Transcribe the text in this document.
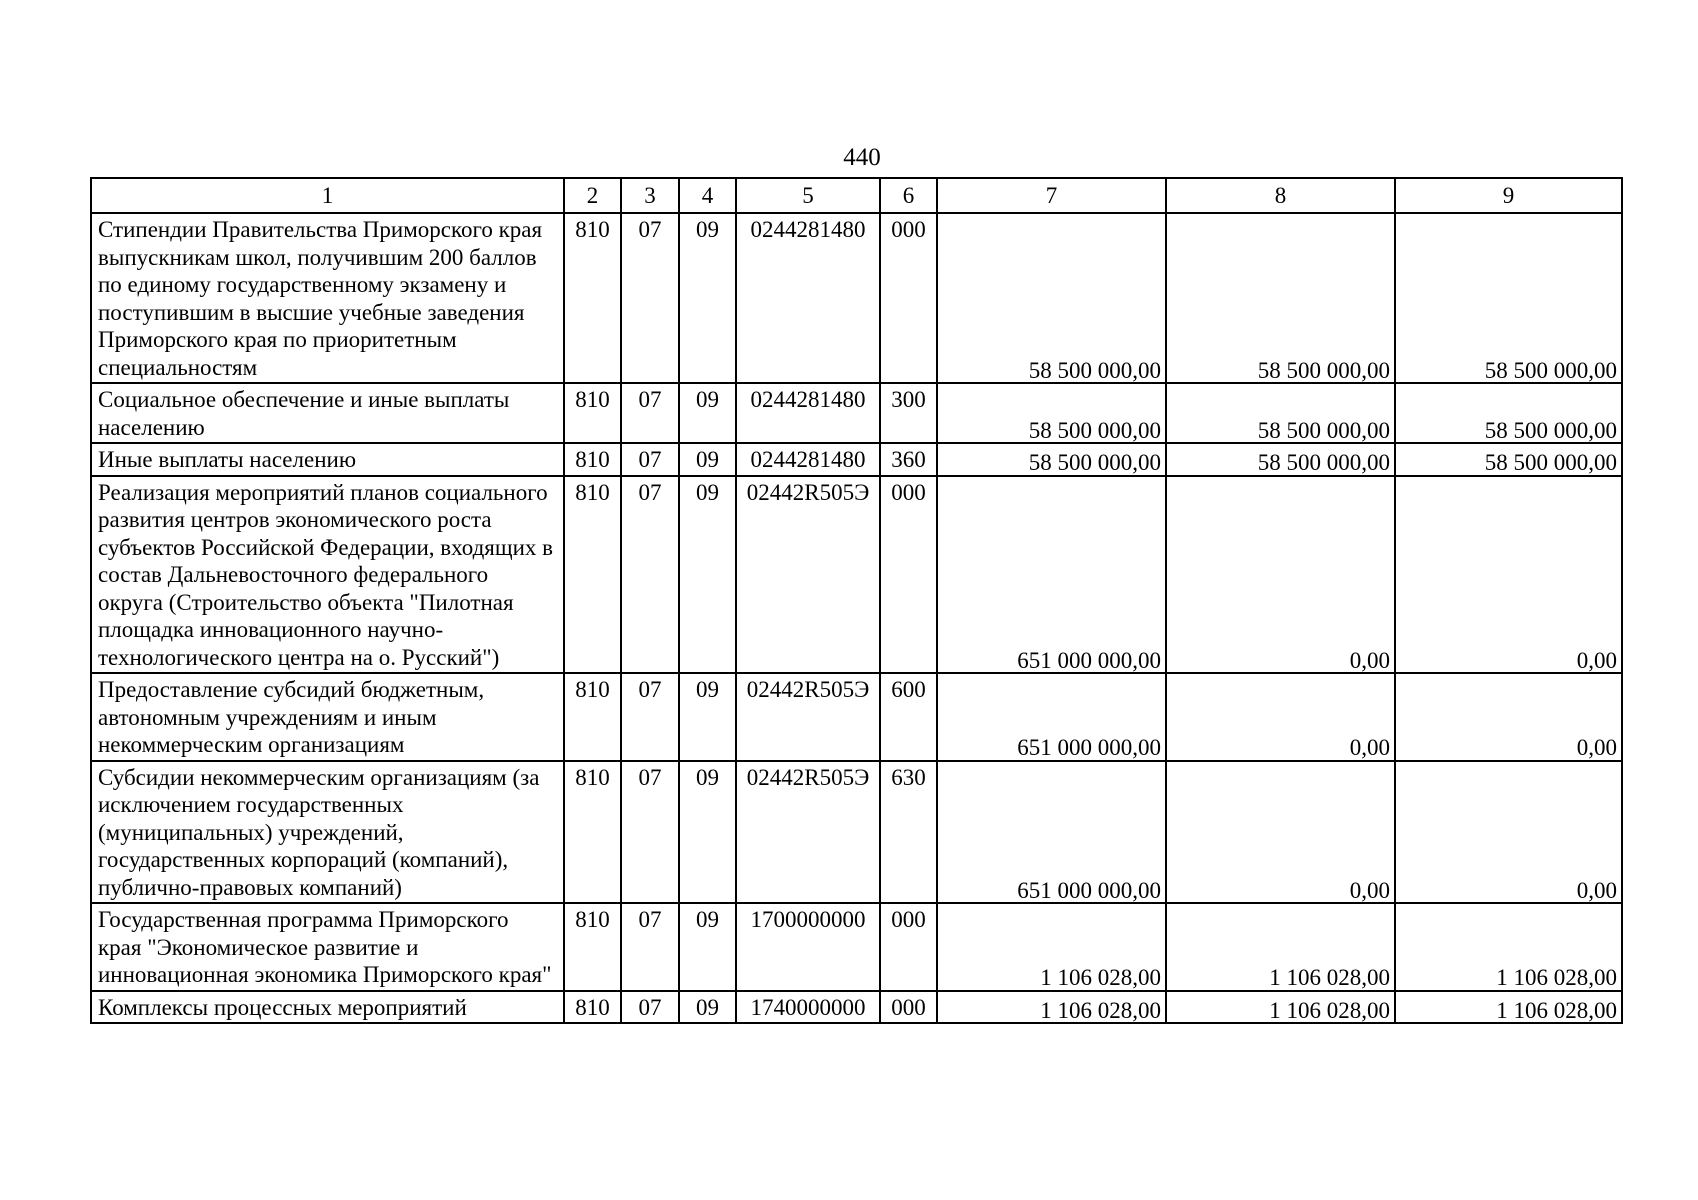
440
1	2	3	4	5	6	7	8	9
Стипендии Правительства Приморского края выпускникам школ, получившим 200 баллов по единому государственному экзамену и поступившим в высшие учебные заведения Приморского края по приоритетным специальностям	810	07	09	0244281480	000	58 500 000,00	58 500 000,00	58 500 000,00
Социальное обеспечение и иные выплаты населению	810	07	09	0244281480	300	58 500 000,00	58 500 000,00	58 500 000,00
Иные выплаты населению	810	07	09	0244281480	360	58 500 000,00	58 500 000,00	58 500 000,00
Реализация мероприятий планов социального развития центров экономического роста субъектов Российской Федерации, входящих в состав Дальневосточного федерального округа (Строительство объекта "Пилотная площадка инновационного научно-технологического центра на о. Русский")	810	07	09	02442R505Э	000	651 000 000,00	0,00	0,00
Предоставление субсидий бюджетным, автономным учреждениям и иным некоммерческим организациям	810	07	09	02442R505Э	600	651 000 000,00	0,00	0,00
Субсидии некоммерческим организациям (за исключением государственных (муниципальных) учреждений, государственных корпораций (компаний), публично-правовых компаний)	810	07	09	02442R505Э	630	651 000 000,00	0,00	0,00
Государственная программа Приморского края "Экономическое развитие и инновационная экономика Приморского края"	810	07	09	1700000000	000	1 106 028,00	1 106 028,00	1 106 028,00
Комплексы процессных мероприятий	810	07	09	1740000000	000	1 106 028,00	1 106 028,00	1 106 028,00
